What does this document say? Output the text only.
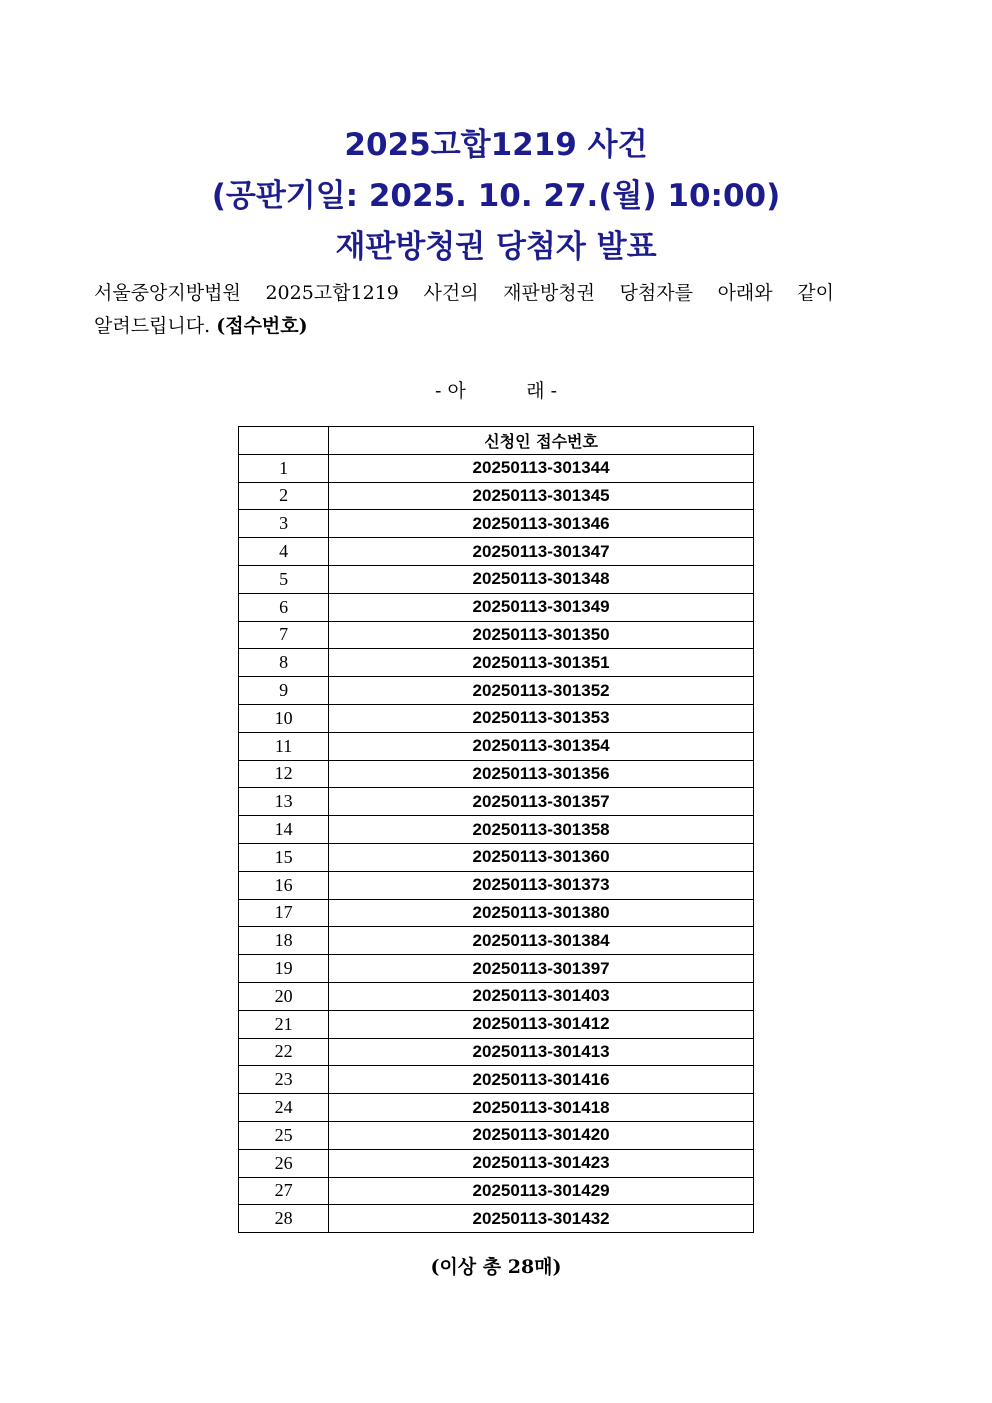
2025고합1219 사건
(공판기일: 2025. 10. 27.(월) 10:00)
재판방청권 당첨자 발표
서울중앙지방법원 2025고합1219 사건의 재판방청권 당첨자를 아래와 같이
알려드립니다. (접수번호)
- 아          래 -
	신청인 접수번호
1	20250113-301344
2	20250113-301345
3	20250113-301346
4	20250113-301347
5	20250113-301348
6	20250113-301349
7	20250113-301350
8	20250113-301351
9	20250113-301352
10	20250113-301353
11	20250113-301354
12	20250113-301356
13	20250113-301357
14	20250113-301358
15	20250113-301360
16	20250113-301373
17	20250113-301380
18	20250113-301384
19	20250113-301397
20	20250113-301403
21	20250113-301412
22	20250113-301413
23	20250113-301416
24	20250113-301418
25	20250113-301420
26	20250113-301423
27	20250113-301429
28	20250113-301432
(이상 총 28매)
